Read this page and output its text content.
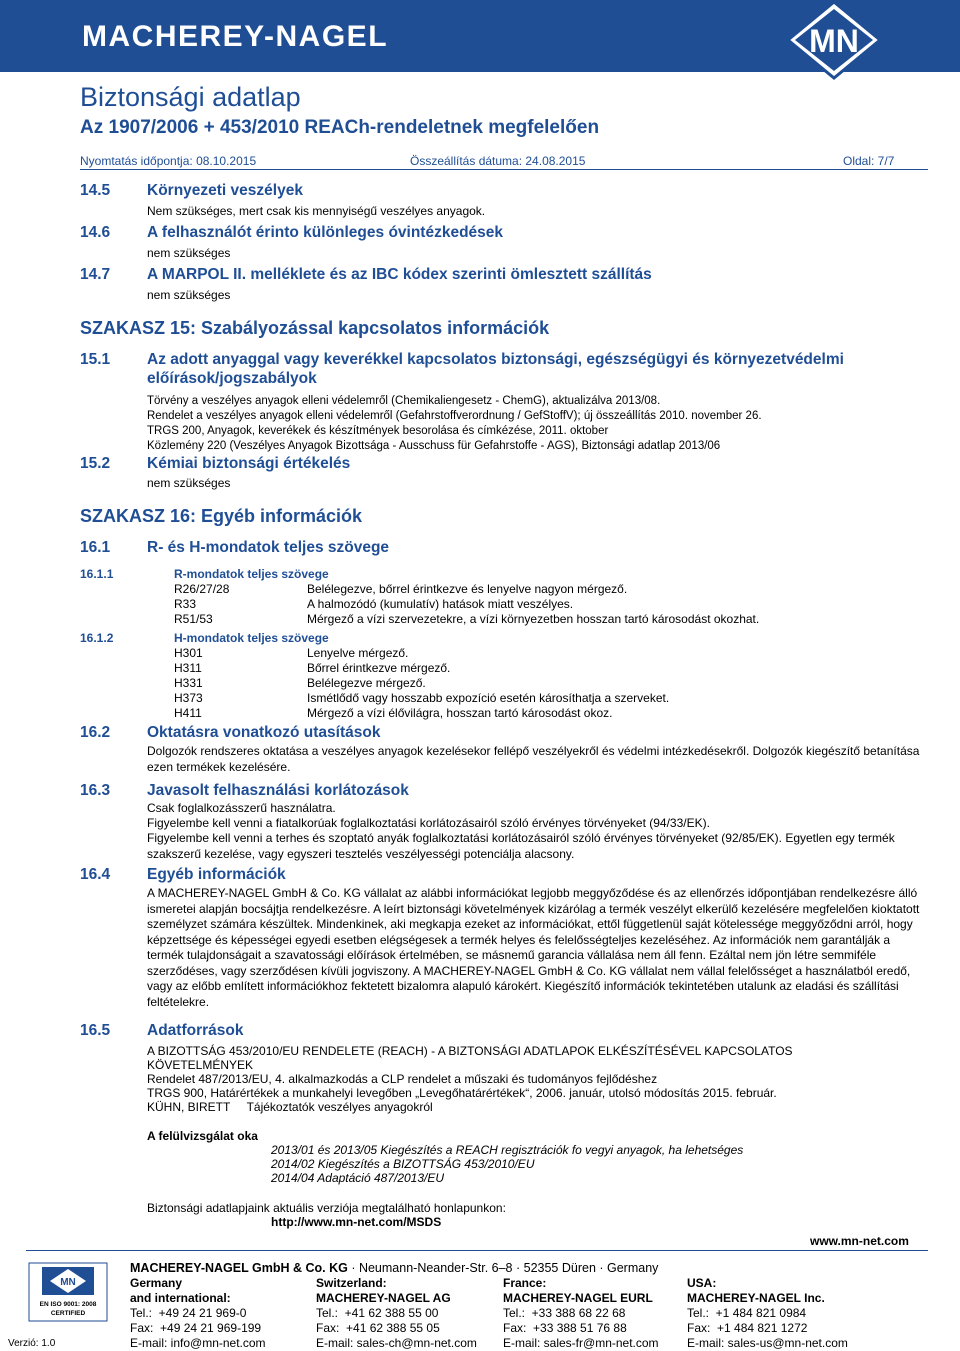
MACHEREY-NAGEL	MN
Biztonsági adatlap
Az 1907/2006 + 453/2010 REACh-rendeletnek megfelelően
Nyomtatás időpontja: 08.10.2015	Összeállítás dátuma: 24.08.2015	Oldal: 7/7
14.5 Környezeti veszélyek
Nem szükséges, mert csak kis mennyiségű veszélyes anyagok.
14.6 A felhasználót érinto különleges óvintézkedések
nem szükséges
14.7 A MARPOL II. melléklete és az IBC kódex szerinti ömlesztett szállítás
nem szükséges
SZAKASZ 15: Szabályozással kapcsolatos információk
15.1 Az adott anyaggal vagy keverékkel kapcsolatos biztonsági, egészségügyi és környezetvédelmi
előírások/jogszabályok
Törvény a veszélyes anyagok elleni védelemről (Chemikaliengesetz - ChemG), aktualizálva 2013/08.
Rendelet a veszélyes anyagok elleni védelemről (Gefahrstoffverordnung / GefStoffV); új összeállítás 2010. november 26.
TRGS 200, Anyagok, keverékek és készítmények besorolása és címkézése, 2011. oktober
Közlemény 220 (Veszélyes Anyagok Bizottsága - Ausschuss für Gefahrstoffe - AGS), Biztonsági adatlap 2013/06
15.2 Kémiai biztonsági értékelés
nem szükséges
SZAKASZ 16: Egyéb információk
16.1 R- és H-mondatok teljes szövege
16.1.1	R-mondatok teljes szövege
R26/27/28	Belélegezve, bőrrel érintkezve és lenyelve nagyon mérgező.
R33	A halmozódó (kumulatív) hatások miatt veszélyes.
R51/53	Mérgező a vízi szervezetekre, a vízi környezetben hosszan tartó károsodást okozhat.
16.1.2	H-mondatok teljes szövege
H301	Lenyelve mérgező.
H311	Bőrrel érintkezve mérgező.
H331	Belélegezve mérgező.
H373	Ismétlődő vagy hosszabb expozíció esetén károsíthatja a szerveket.
H411	Mérgező a vízi élővilágra, hosszan tartó károsodást okoz.
16.2 Oktatásra vonatkozó utasítások
Dolgozók rendszeres oktatása a veszélyes anyagok kezelésekor fellépő veszélyekről és védelmi intézkedésekről. Dolgozók kiegészítő betanítása ezen termékek kezelésére.
16.3 Javasolt felhasználási korlátozások
Csak foglalkozásszerű használatra.
Figyelembe kell venni a fiatalkorúak foglalkoztatási korlátozásairól szóló érvényes törvényeket (94/33/EK).
Figyelembe kell venni a terhes és szoptató anyák foglalkoztatási korlátozásairól szóló érvényes törvényeket (92/85/EK). Egyetlen egy termék szakszerű kezelése, vagy egyszeri tesztelés veszélyességi potenciálja alacsony.
16.4 Egyéb információk
A MACHEREY-NAGEL GmbH & Co. KG vállalat az alábbi információkat legjobb meggyőződése és az ellenőrzés időpontjában rendelkezésre álló ismeretei alapján bocsájtja rendelkezésre. A leírt biztonsági követelmények kizárólag a termék veszélyt elkerülő kezelésére megfelelően kioktatott személyzet számára készültek. Mindenkinek, aki megkapja ezeket az információkat, ettől függetlenül saját kötelessége meggyőződni arról, hogy képzettsége és képességei egyedi esetben elégségesek a termék helyes és felelősségteljes kezeléséhez. Az információk nem garantálják a termék tulajdonságait a szavatossági előírások értelmében, se másnemű garancia vállalása nem áll fenn. Ezáltal nem jön létre semmiféle szerződéses, vagy szerződésen kívüli jogviszony. A MACHEREY-NAGEL GmbH & Co. KG vállalat nem vállal felelősséget a használatból eredő, vagy az előbb említett információkhoz fektetett bizalomra alapuló károkért. Kiegészítő információk tekintetében utalunk az eladási és szállítási feltételekre.
16.5 Adatforrások
A BIZOTTSÁG 453/2010/EU RENDELETE (REACH) - A BIZTONSÁGI ADATLAPOK ELKÉSZÍTÉSÉVEL KAPCSOLATOS
KÖVETELMÉNYEK
Rendelet 487/2013/EU, 4. alkalmazkodás a CLP rendelet a műszaki és tudományos fejlődéshez
TRGS 900, Határértékek a munkahelyi levegőben „Levegőhatárértékek“, 2006. január, utolsó módosítás 2015. február.
KÜHN, BIRETT     Tájékoztatók veszélyes anyagokról
A felülvizsgálat oka
2013/01 és 2013/05 Kiegészítés a REACH regisztrációk fo vegyi anyagok, ha lehetséges
2014/02 Kiegészítés a BIZOTTSÁG 453/2010/EU
2014/04 Adaptáció 487/2013/EU
Biztonsági adatlapjaink aktuális verziója megtalálható honlapunkon:
http://www.mn-net.com/MSDS
MACHEREY-NAGEL GmbH & Co. KG · Neumann-Neander-Str. 6–8 · 52355 Düren · Germany
www.mn-net.com
MN
EN ISO 9001: 2008
CERTIFIED
Verzió: 1.0
Germany
and international:
Tel.:  +49 24 21 969-0
Fax:  +49 24 21 969-199
E-mail: info@mn-net.com
Switzerland:
MACHEREY-NAGEL AG
Tel.:  +41 62 388 55 00
Fax:  +41 62 388 55 05
E-mail: sales-ch@mn-net.com
France:
MACHEREY-NAGEL EURL
Tel.:  +33 388 68 22 68
Fax:  +33 388 51 76 88
E-mail: sales-fr@mn-net.com
USA:
MACHEREY-NAGEL Inc.
Tel.:  +1 484 821 0984
Fax:  +1 484 821 1272
E-mail: sales-us@mn-net.com
